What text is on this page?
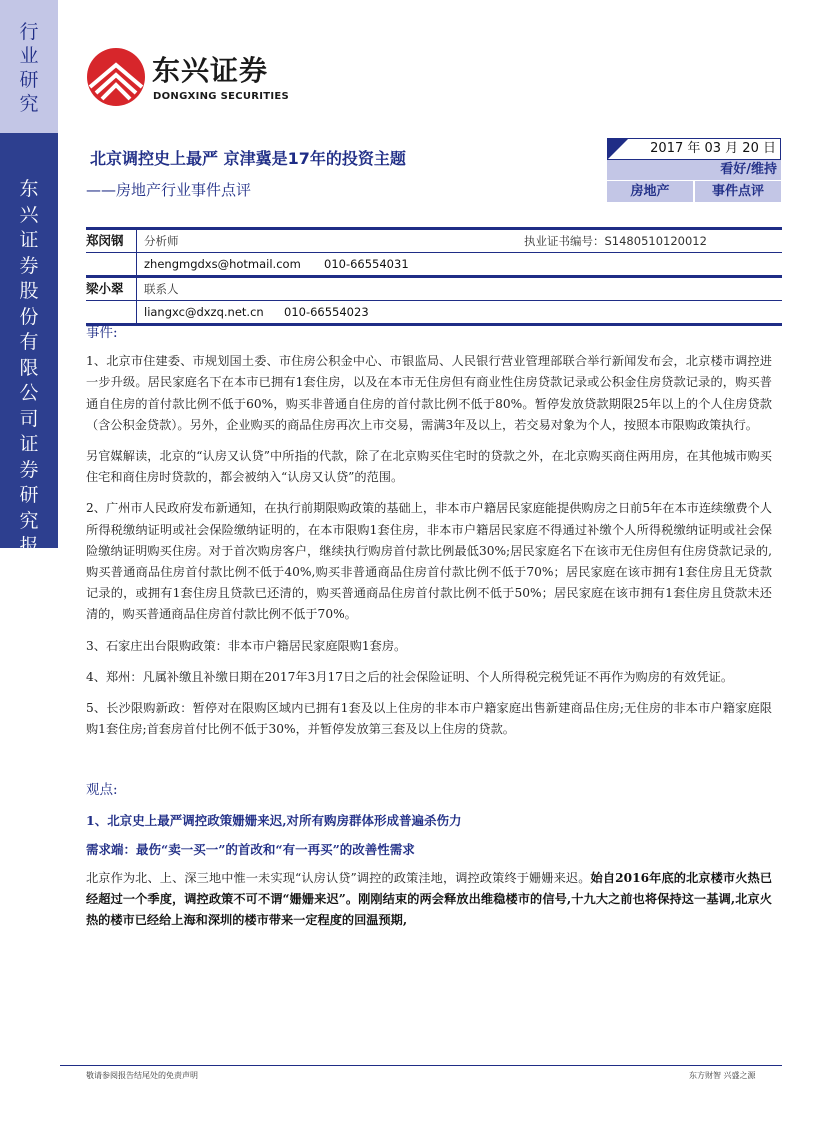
行
业
研
究
东
兴
证
券
股
份
有
限
公
司
证
券
研
究
报
告
东兴证券
DONGXING SECURITIES
北京调控史上最严 京津冀是17年的投资主题
——房地产行业事件点评
2017 年 03 月 20 日
看好/维持
房地产	事件点评
郑闵钢 分析师	执业证书编号：S1480510120012
zhengmgdxs@hotmail.com 010-66554031
梁小翠 联系人
liangxc@dxzq.net.cn 010-66554023
事件:

1、北京市住建委、市规划国土委、市住房公积金中心、市银监局、人民银行营业管理部联合举行新闻发布会，北京楼市调控进一步升级。居民家庭名下在本市已拥有1套住房，以及在本市无住房但有商业性住房贷款记录或公积金住房贷款记录的，购买普通自住房的首付款比例不低于60%，购买非普通自住房的首付款比例不低于80%。暂停发放贷款期限25年以上的个人住房贷款（含公积金贷款）。另外，企业购买的商品住房再次上市交易，需满3年及以上，若交易对象为个人，按照本市限购政策执行。

另官媒解读，北京的“认房又认贷”中所指的代款，除了在北京购买住宅时的贷款之外，在北京购买商住两用房，在其他城市购买住宅和商住房时贷款的，都会被纳入“认房又认贷”的范围。

2、广州市人民政府发布新通知，在执行前期限购政策的基础上，非本市户籍居民家庭能提供购房之日前5年在本市连续缴费个人所得税缴纳证明或社会保险缴纳证明的，在本市限购1套住房，非本市户籍居民家庭不得通过补缴个人所得税缴纳证明或社会保险缴纳证明购买住房。对于首次购房客户，继续执行购房首付款比例最低30%;居民家庭名下在该市无住房但有住房贷款记录的,购买普通商品住房首付款比例不低于40%,购买非普通商品住房首付款比例不低于70%；居民家庭在该市拥有1套住房且无贷款记录的，或拥有1套住房且贷款已还清的，购买普通商品住房首付款比例不低于50%；居民家庭在该市拥有1套住房且贷款未还清的，购买普通商品住房首付款比例不低于70%。

3、石家庄出台限购政策：非本市户籍居民家庭限购1套房。

4、郑州：凡属补缴且补缴日期在2017年3月17日之后的社会保险证明、个人所得税完税凭证不再作为购房的有效凭证。

5、长沙限购新政：暂停对在限购区域内已拥有1套及以上住房的非本市户籍家庭出售新建商品住房;无住房的非本市户籍家庭限购1套住房;首套房首付比例不低于30%，并暂停发放第三套及以上住房的贷款。

观点:
1、北京史上最严调控政策姗姗来迟,对所有购房群体形成普遍杀伤力
需求端：最伤“卖一买一”的首改和“有一再买”的改善性需求

北京作为北、上、深三地中惟一未实现“认房认贷”调控的政策洼地，调控政策终于姗姗来迟。始自2016年底的北京楼市火热已经超过一个季度，调控政策不可不谓“姗姗来迟”。刚刚结束的两会释放出维稳楼市的信号,十九大之前也将保持这一基调,北京火热的楼市已经给上海和深圳的楼市带来一定程度的回温预期,

敬请参阅报告结尾处的免责声明	东方财智 兴盛之源
